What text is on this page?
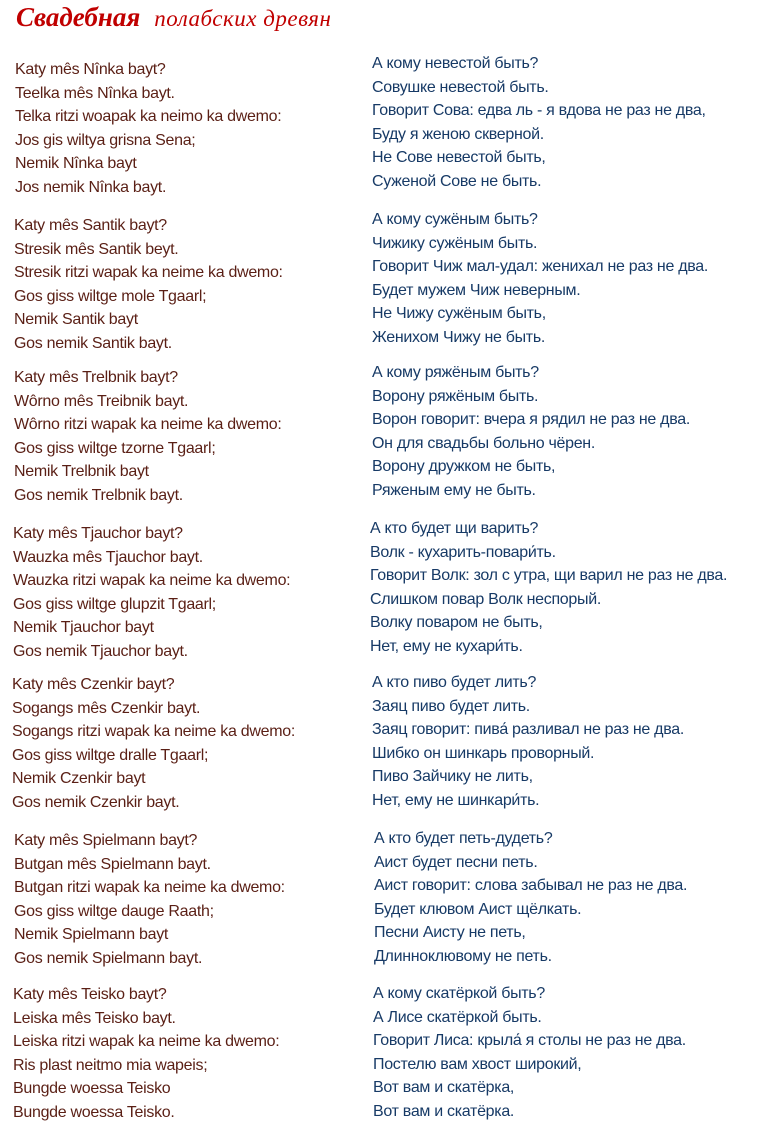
Свадебная полабских древян
Katy mês Nînka bayt?
Teelka mês Nînka bayt.
Telka ritzi woapak ka neimo ka dwemo:
Jos gis wiltya grisna Sena;
Nemik Nînka bayt
Jos nemik Nînka bayt.
А кому невестой быть?
Совушке невестой быть.
Говорит Сова: едва ль - я вдова не раз не два,
Буду я женою скверной.
Не Сове невестой быть,
Суженой Сове не быть.
Katy mês Santik bayt?
Stresik mês Santik beyt.
Stresik ritzi wapak ka neime ka dwemo:
Gos giss wiltge mole Tgaarl;
Nemik Santik bayt
Gos nemik Santik bayt.
А кому сужёным быть?
Чижику сужёным быть.
Говорит Чиж мал-удал: женихал не раз не два.
Будет мужем Чиж неверным.
Не Чижу сужёным быть,
Женихом Чижу не быть.
Katy mês Trelbnik bayt?
Wôrno mês Treibnik bayt.
Wôrno ritzi wapak ka neime ka dwemo:
Gos giss wiltge tzorne Tgaarl;
Nemik Trelbnik bayt
Gos nemik Trelbnik bayt.
А кому ряжёным быть?
Ворону ряжёным быть.
Ворон говорит: вчера я рядил не раз не два.
Он для свадьбы больно чёрен.
Ворону дружком не быть,
Ряженым ему не быть.
Katy mês Tjauchor bayt?
Wauzka mês Tjauchor bayt.
Wauzka ritzi wapak ka neime ka dwemo:
Gos giss wiltge glupzit Tgaarl;
Nemik Tjauchor bayt
Gos nemik Tjauchor bayt.
А кто будет щи варить?
Волк - кухарить-повари́ть.
Говорит Волк: зол с утра, щи варил не раз не два.
Слишком повар Волк неспорый.
Волку поваром не быть,
Нет, ему не кухари́ть.
Katy mês Czenkir bayt?
Sogangs mês Czenkir bayt.
Sogangs ritzi wapak ka neime ka dwemo:
Gos giss wiltge dralle Tgaarl;
Nemik Czenkir bayt
Gos nemik Czenkir bayt.
А кто пиво будет лить?
Заяц пиво будет лить.
Заяц говорит: пива́ разливал не раз не два.
Шибко он шинкарь проворный.
Пиво Зайчику не лить,
Нет, ему не шинкари́ть.
Katy mês Spielmann bayt?
Butgan mês Spielmann bayt.
Butgan ritzi wapak ka neime ka dwemo:
Gos giss wiltge dauge Raath;
Nemik Spielmann bayt
Gos nemik Spielmann bayt.
А кто будет петь-дудеть?
Аист будет песни петь.
Аист говорит: слова забывал не раз не два.
Будет клювом Аист щёлкать.
Песни Аисту не петь,
Длинноклювому не петь.
Katy mês Teisko bayt?
Leiska mês Teisko bayt.
Leiska ritzi wapak ka neime ka dwemo:
Ris plast neitmo mia wapeis;
Bungde woessa Teisko
Bungde woessa Teisko.
А кому скатёркой быть?
А Лисе скатёркой быть.
Говорит Лиса: крыла́ я столы не раз не два.
Постелю вам хвост широкий,
Вот вам и скатёрка,
Вот вам и скатёрка.
